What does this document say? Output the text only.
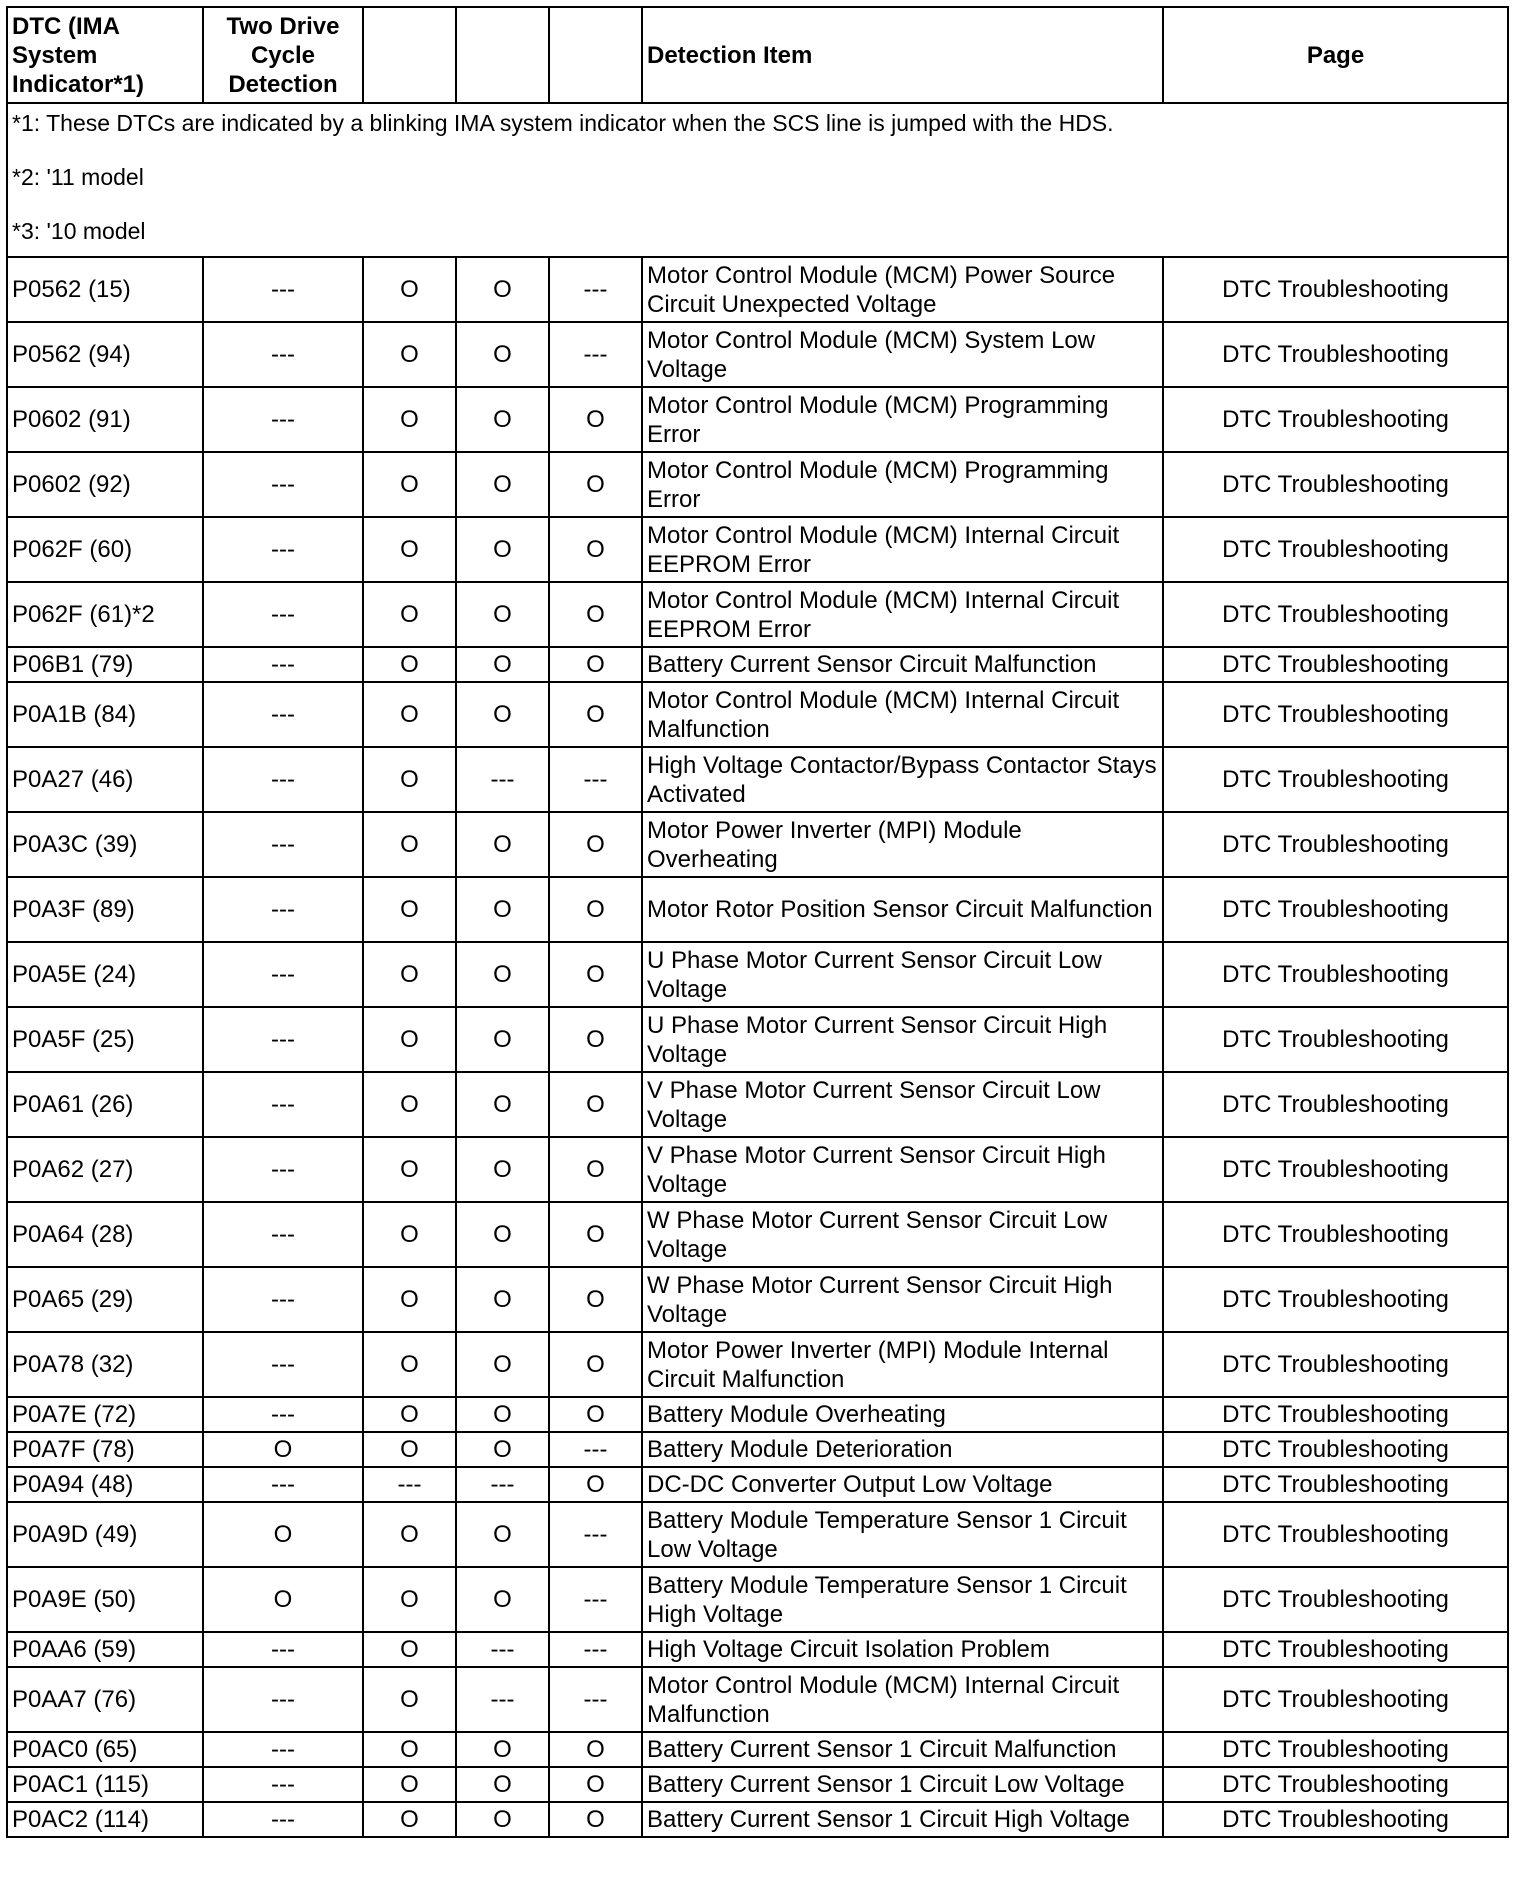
DTC (IMA System Indicator*1)	Two Drive Cycle Detection				Detection Item	Page

*1: These DTCs are indicated by a blinking IMA system indicator when the SCS line is jumped with the HDS.
*2: '11 model
*3: '10 model						

P0562 (15)	---	O	O	---	Motor Control Module (MCM) Power Source Circuit Unexpected Voltage	DTC Troubleshooting
P0562 (94)	---	O	O	---	Motor Control Module (MCM) System Low Voltage	DTC Troubleshooting
P0602 (91)	---	O	O	O	Motor Control Module (MCM) Programming Error	DTC Troubleshooting
P0602 (92)	---	O	O	O	Motor Control Module (MCM) Programming Error	DTC Troubleshooting
P062F (60)	---	O	O	O	Motor Control Module (MCM) Internal Circuit EEPROM Error	DTC Troubleshooting
P062F (61)*2	---	O	O	O	Motor Control Module (MCM) Internal Circuit EEPROM Error	DTC Troubleshooting
P06B1 (79)	---	O	O	O	Battery Current Sensor Circuit Malfunction	DTC Troubleshooting
P0A1B (84)	---	O	O	O	Motor Control Module (MCM) Internal Circuit Malfunction	DTC Troubleshooting
P0A27 (46)	---	O	---	---	High Voltage Contactor/Bypass Contactor Stays Activated	DTC Troubleshooting
P0A3C (39)	---	O	O	O	Motor Power Inverter (MPI) Module Overheating	DTC Troubleshooting
P0A3F (89)	---	O	O	O	Motor Rotor Position Sensor Circuit Malfunction	DTC Troubleshooting
P0A5E (24)	---	O	O	O	U Phase Motor Current Sensor Circuit Low Voltage	DTC Troubleshooting
P0A5F (25)	---	O	O	O	U Phase Motor Current Sensor Circuit High Voltage	DTC Troubleshooting
P0A61 (26)	---	O	O	O	V Phase Motor Current Sensor Circuit Low Voltage	DTC Troubleshooting
P0A62 (27)	---	O	O	O	V Phase Motor Current Sensor Circuit High Voltage	DTC Troubleshooting
P0A64 (28)	---	O	O	O	W Phase Motor Current Sensor Circuit Low Voltage	DTC Troubleshooting
P0A65 (29)	---	O	O	O	W Phase Motor Current Sensor Circuit High Voltage	DTC Troubleshooting
P0A78 (32)	---	O	O	O	Motor Power Inverter (MPI) Module Internal Circuit Malfunction	DTC Troubleshooting
P0A7E (72)	---	O	O	O	Battery Module Overheating	DTC Troubleshooting
P0A7F (78)	O	O	O	---	Battery Module Deterioration	DTC Troubleshooting
P0A94 (48)	---	---	---	O	DC-DC Converter Output Low Voltage	DTC Troubleshooting
P0A9D (49)	O	O	O	---	Battery Module Temperature Sensor 1 Circuit Low Voltage	DTC Troubleshooting
P0A9E (50)	O	O	O	---	Battery Module Temperature Sensor 1 Circuit High Voltage	DTC Troubleshooting
P0AA6 (59)	---	O	---	---	High Voltage Circuit Isolation Problem	DTC Troubleshooting
P0AA7 (76)	---	O	---	---	Motor Control Module (MCM) Internal Circuit Malfunction	DTC Troubleshooting
P0AC0 (65)	---	O	O	O	Battery Current Sensor 1 Circuit Malfunction	DTC Troubleshooting
P0AC1 (115)	---	O	O	O	Battery Current Sensor 1 Circuit Low Voltage	DTC Troubleshooting
P0AC2 (114)	---	O	O	O	Battery Current Sensor 1 Circuit High Voltage	DTC Troubleshooting
